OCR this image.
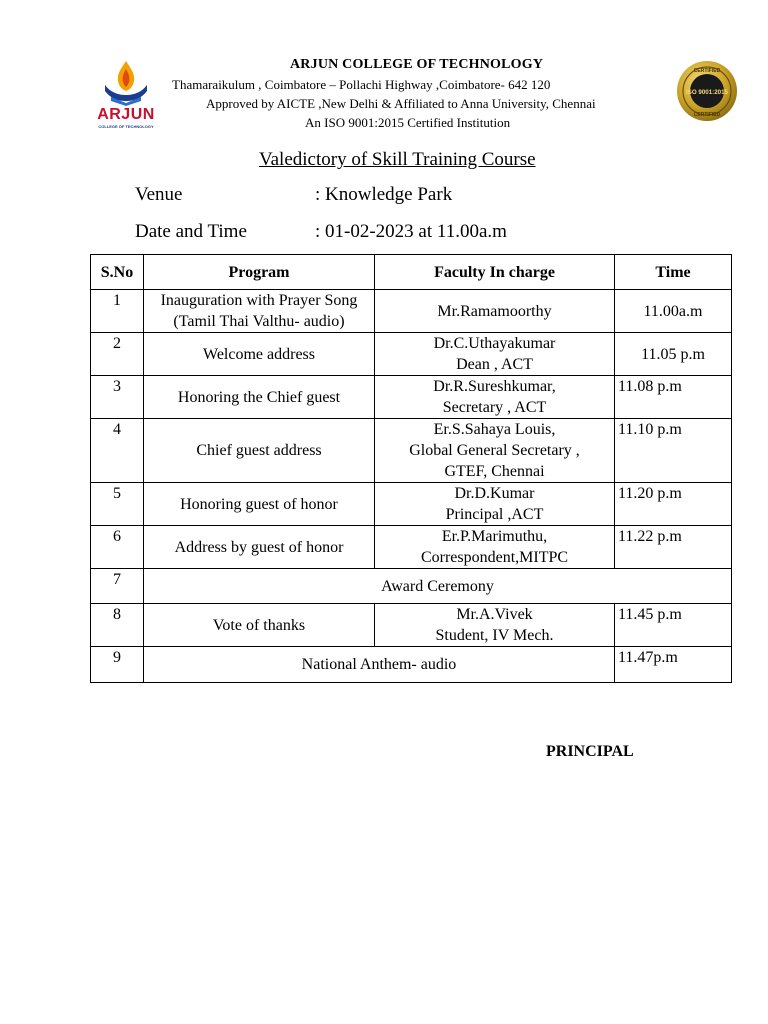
ARJUN
COLLEGE OF TECHNOLOGY
ARJUN COLLEGE OF TECHNOLOGY
Thamaraikulum , Coimbatore – Pollachi Highway ,Coimbatore- 642 120
Approved by AICTE ,New Delhi & Affiliated to Anna University, Chennai
An ISO 9001:2015 Certified Institution
ISO 9001:2015
CERTIFIED
CERTIFIED
Valedictory of Skill Training Course
Venue	: Knowledge Park
Date and Time	: 01-02-2023 at 11.00a.m
S.No	Program	Faculty In charge	Time
1	Inauguration with Prayer Song
(Tamil Thai Valthu- audio)	Mr.Ramamoorthy	11.00a.m
2	Welcome address	Dr.C.Uthayakumar
Dean , ACT	11.05 p.m
3	Honoring the Chief guest	Dr.R.Sureshkumar,
Secretary , ACT	11.08 p.m
4	Chief guest address	Er.S.Sahaya Louis,
Global General Secretary ,
GTEF, Chennai	11.10 p.m
5	Honoring guest of honor	Dr.D.Kumar
Principal ,ACT	11.20 p.m
6	Address by guest of honor	Er.P.Marimuthu,
Correspondent,MITPC	11.22 p.m
7	Award Ceremony		
8	Vote of thanks	Mr.A.Vivek
Student, IV Mech.	11.45 p.m
9	National Anthem- audio		11.47p.m
PRINCIPAL
